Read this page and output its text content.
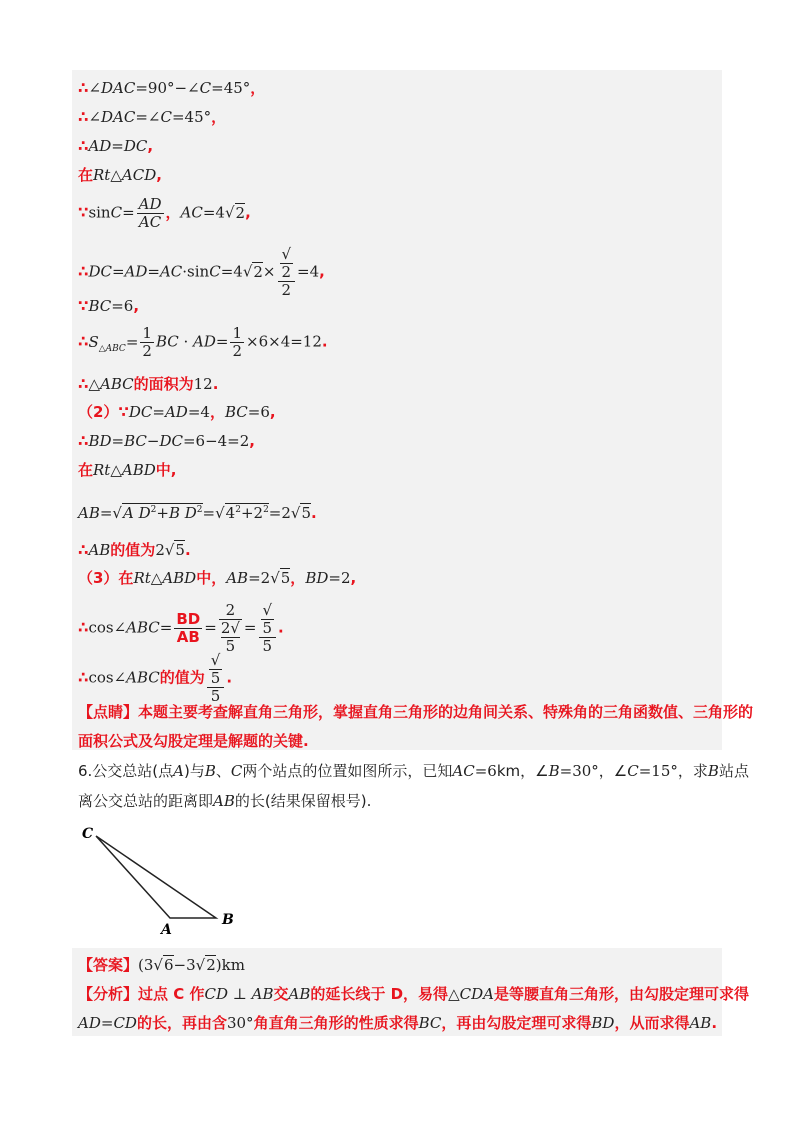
∴∠DAC=90°−∠C=45°，
∴∠DAC=∠C=45°，
∴AD=DC,
在Rt△ACD,
∵sinC= $\frac{AD}{AC}$ ，AC=4√2,
∴DC=AD=AC·sinC=4√2× √
2
2 =4,
∵BC=6,
$\therefore S_{\triangle ABC}= \frac{1}{2}$ BC · $AD= \frac{1}{2} \times 6\times 4=12$.
∴△ABC的面积为12.
（2）∵DC=AD=4，BC=6,
∴BD=BC−DC=6−4=2,
在Rt△ABD中,
AB=√A $D^2+B$ $D^2=√4^2+2^2=2√5$.
∴AB的值为2√5.
（3）在Rt△ABD中，AB=2√5，BD=2,
∴cos∠ABC= $\frac{BD}{AB} = 2$
2√
5 = √
5
5 .
∴cos∠ABC的值为 √
5
5 .
【点睛】本题主要考查解直角三角形，掌握直角三角形的边角间关系、特殊角的三角函数值、三角形的
面积公式及勾股定理是解题的关键.
6.公交总站(点A)与B、C两个站点的位置如图所示，已知AC=6km，∠B=30°，∠C=15°，求B站点
离公交总站的距离即AB的长(结果保留根号).
C
A
B
【答案】(3√6−3√2)km
【分析】过点 C 作CD ⊥ AB交AB的延长线于 D，易得△CDA是等腰直角三角形，由勾股定理可求得
AD=CD的长，再由含30°角直角三角形的性质求得BC，再由勾股定理可求得BD，从而求得AB.
